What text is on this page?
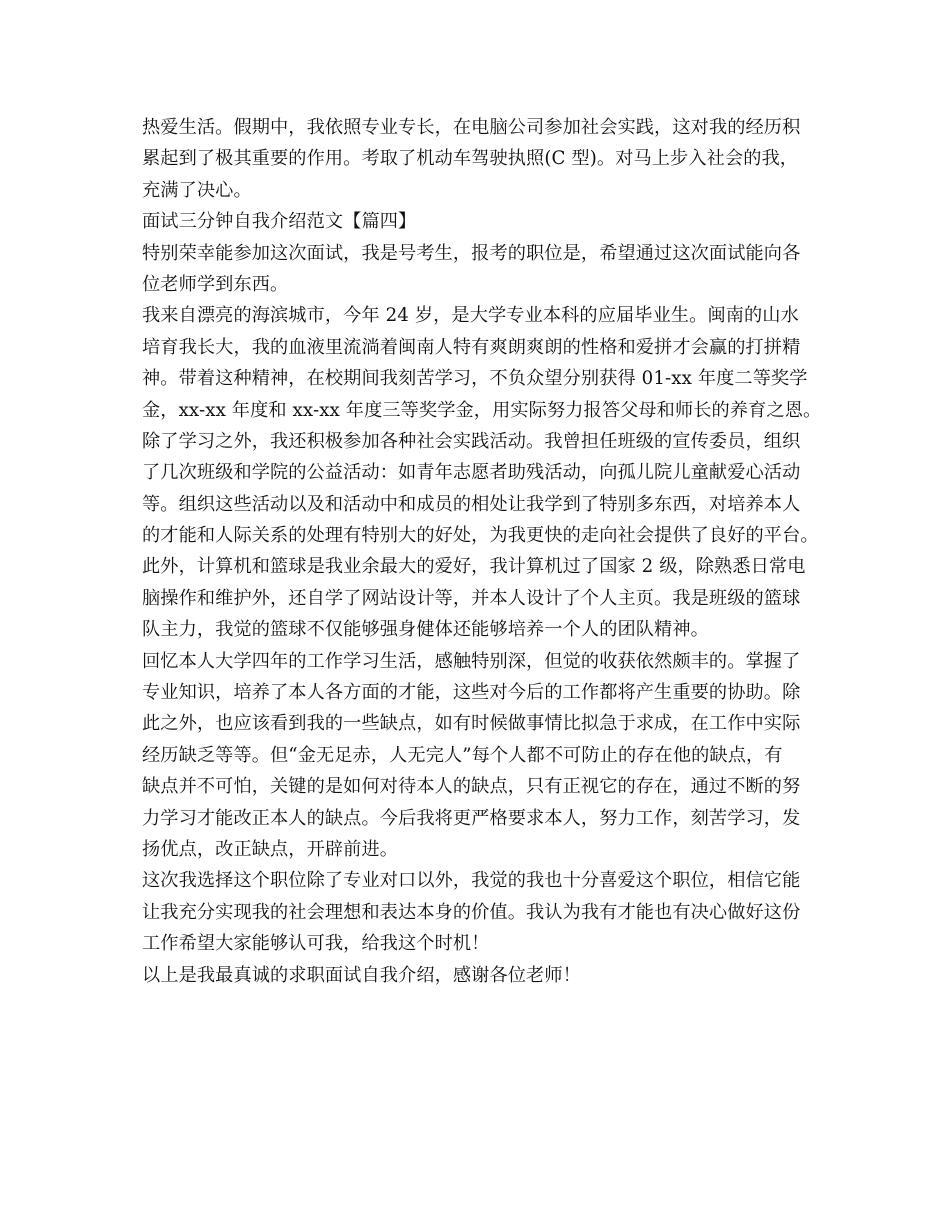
热爱生活。假期中，我依照专业专长，在电脑公司参加社会实践，这对我的经历积
累起到了极其重要的作用。考取了机动车驾驶执照(C 型)。对马上步入社会的我，
充满了决心。
面试三分钟自我介绍范文【篇四】
特别荣幸能参加这次面试，我是号考生，报考的职位是，希望通过这次面试能向各
位老师学到东西。
我来自漂亮的海滨城市，今年 24 岁，是大学专业本科的应届毕业生。闽南的山水
培育我长大，我的血液里流淌着闽南人特有爽朗爽朗的性格和爱拼才会赢的打拼精
神。带着这种精神，在校期间我刻苦学习，不负众望分别获得 01-xx 年度二等奖学
金，xx-xx 年度和 xx-xx 年度三等奖学金，用实际努力报答父母和师长的养育之恩。
除了学习之外，我还积极参加各种社会实践活动。我曾担任班级的宣传委员，组织
了几次班级和学院的公益活动：如青年志愿者助残活动，向孤儿院儿童献爱心活动
等。组织这些活动以及和活动中和成员的相处让我学到了特别多东西，对培养本人
的才能和人际关系的处理有特别大的好处，为我更快的走向社会提供了良好的平台。
此外，计算机和篮球是我业余最大的爱好，我计算机过了国家 2 级，除熟悉日常电
脑操作和维护外，还自学了网站设计等，并本人设计了个人主页。我是班级的篮球
队主力，我觉的篮球不仅能够强身健体还能够培养一个人的团队精神。
回忆本人大学四年的工作学习生活，感触特别深，但觉的收获依然颇丰的。掌握了
专业知识，培养了本人各方面的才能，这些对今后的工作都将产生重要的协助。除
此之外，也应该看到我的一些缺点，如有时候做事情比拟急于求成，在工作中实际
经历缺乏等等。但“金无足赤，人无完人”每个人都不可防止的存在他的缺点，有
缺点并不可怕，关键的是如何对待本人的缺点，只有正视它的存在，通过不断的努
力学习才能改正本人的缺点。今后我将更严格要求本人，努力工作，刻苦学习，发
扬优点，改正缺点，开辟前进。
这次我选择这个职位除了专业对口以外，我觉的我也十分喜爱这个职位，相信它能
让我充分实现我的社会理想和表达本身的价值。我认为我有才能也有决心做好这份
工作希望大家能够认可我，给我这个时机！
以上是我最真诚的求职面试自我介绍，感谢各位老师！
